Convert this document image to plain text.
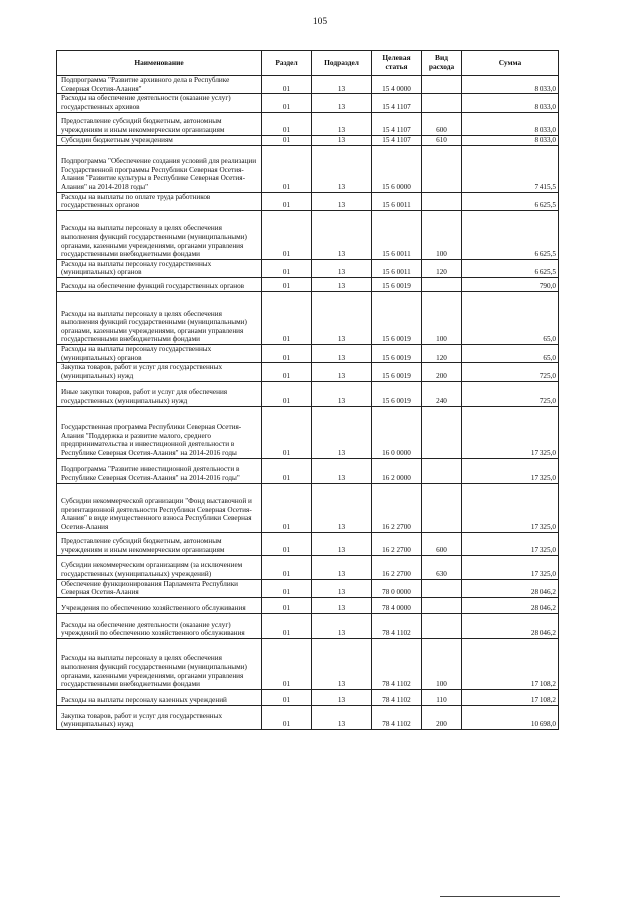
105
Наименование	Раздел	Подраздел	Целевая статья	Вид расхода	Сумма
Подпрограмма "Развитие архивного дела в Республике Северная Осетия-Алания"	01	13	15 4 0000		8 033,0
Расходы на обеспечение деятельности (оказание услуг) государственных архивов	01	13	15 4 1107		8 033,0
Предоставление субсидий бюджетным, автономным учреждениям и иным некоммерческим организациям	01	13	15 4 1107	600	8 033,0
Субсидии бюджетным учреждениям	01	13	15 4 1107	610	8 033,0
Подпрограмма "Обеспечение создания условий для реализации Государственной программы Республики Северная Осетия-Алания "Развитие культуры в Республике Северная Осетия-Алания" на 2014-2018 годы"	01	13	15 6 0000		7 415,5
Расходы на выплаты по оплате труда работников государственных органов	01	13	15 6 0011		6 625,5
Расходы на выплаты персоналу в целях обеспечения выполнения функций государственными (муниципальными) органами, казенными учреждениями, органами управления государственными внебюджетными фондами	01	13	15 6 0011	100	6 625,5
Расходы на выплаты персоналу государственных (муниципальных) органов	01	13	15 6 0011	120	6 625,5
Расходы на обеспечение функций государственных органов	01	13	15 6 0019		790,0
Расходы на выплаты персоналу в целях обеспечения выполнения функций государственными (муниципальными) органами, казенными учреждениями, органами управления государственными внебюджетными фондами	01	13	15 6 0019	100	65,0
Расходы на выплаты персоналу государственных (муниципальных) органов	01	13	15 6 0019	120	65,0
Закупка товаров, работ и услуг для государственных (муниципальных) нужд	01	13	15 6 0019	200	725,0
Иные закупки товаров, работ и услуг для обеспечения государственных (муниципальных) нужд	01	13	15 6 0019	240	725,0
Государственная программа Республики Северная Осетия-Алания "Поддержка и развитие малого, среднего предпринимательства и инвестиционной деятельности в Республике Северная Осетия-Алания" на 2014-2016 годы	01	13	16 0 0000		17 325,0
Подпрограмма "Развитие инвестиционной деятельности в Республике Северная Осетия-Алания" на 2014-2016 годы"	01	13	16 2 0000		17 325,0
Субсидии некоммерческой организации "Фонд выставочной и презентационной деятельности Республики Северная Осетия-Алания" в виде имущественного взноса Республики Северная Осетия-Алания	01	13	16 2 2700		17 325,0
Предоставление субсидий бюджетным, автономным учреждениям и иным некоммерческим организациям	01	13	16 2 2700	600	17 325,0
Субсидии некоммерческим организациям (за исключением государственных (муниципальных) учреждений)	01	13	16 2 2700	630	17 325,0
Обеспечение функционирования Парламента Республики Северная Осетия-Алания	01	13	78 0 0000		28 046,2
Учреждения по обеспечению хозяйственного обслуживания	01	13	78 4 0000		28 046,2
Расходы на обеспечение деятельности (оказание услуг) учреждений по обеспечению хозяйственного обслуживания	01	13	78 4 1102		28 046,2
Расходы на выплаты персоналу в целях обеспечения выполнения функций государственными (муниципальными) органами, казенными учреждениями, органами управления государственными внебюджетными фондами	01	13	78 4 1102	100	17 108,2
Расходы на выплаты персоналу казенных учреждений	01	13	78 4 1102	110	17 108,2
Закупка товаров, работ и услуг для государственных (муниципальных) нужд	01	13	78 4 1102	200	10 698,0
